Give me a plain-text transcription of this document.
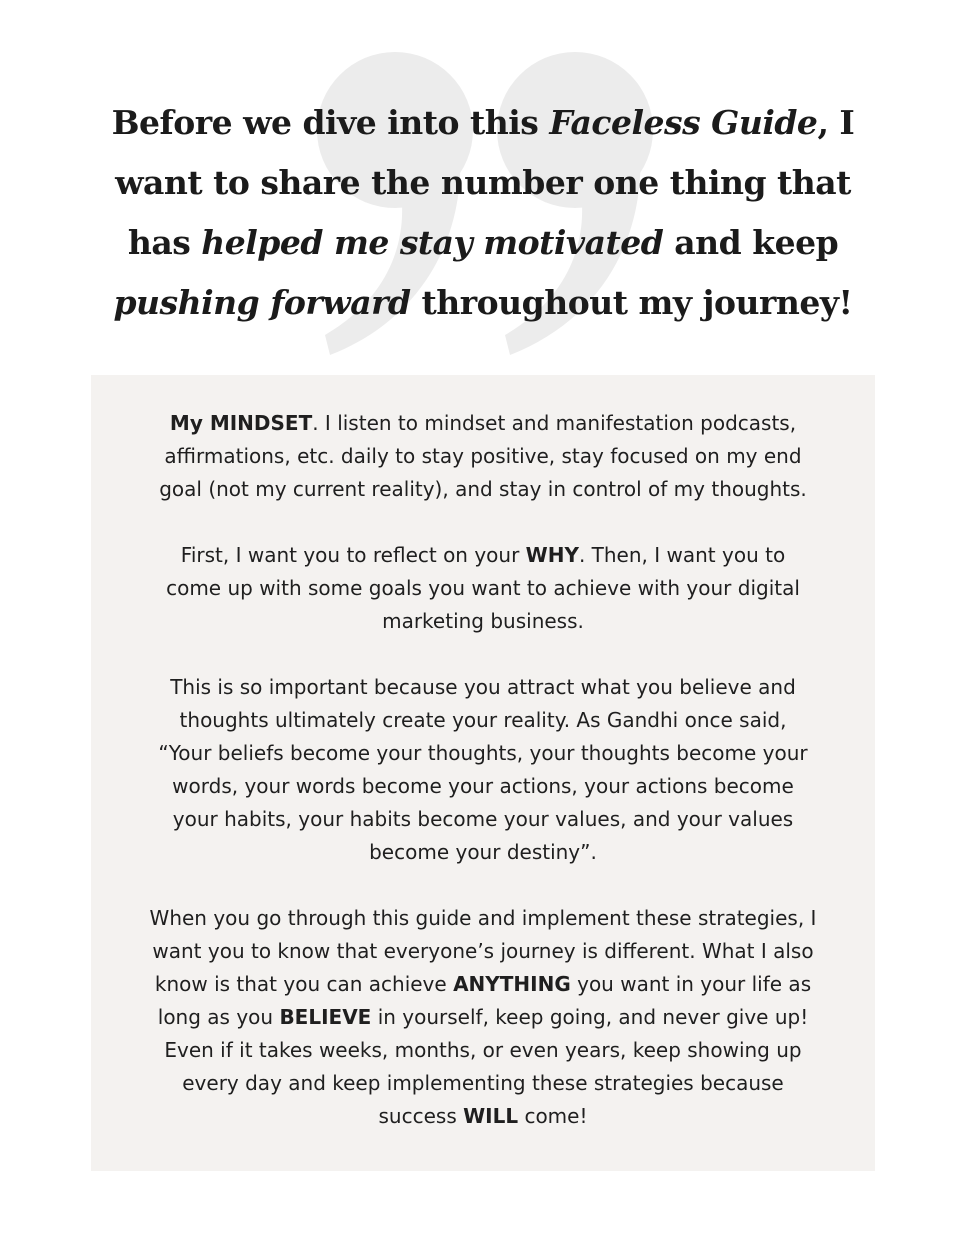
Before we dive into this Faceless Guide, I
want to share the number one thing that
has helped me stay motivated and keep
pushing forward throughout my journey!

My MINDSET. I listen to mindset and manifestation podcasts,
affirmations, etc. daily to stay positive, stay focused on my end
goal (not my current reality), and stay in control of my thoughts.

First, I want you to reflect on your WHY. Then, I want you to
come up with some goals you want to achieve with your digital
marketing business.

This is so important because you attract what you believe and
thoughts ultimately create your reality. As Gandhi once said,
“Your beliefs become your thoughts, your thoughts become your
words, your words become your actions, your actions become
your habits, your habits become your values, and your values
become your destiny”.

When you go through this guide and implement these strategies, I
want you to know that everyone’s journey is different. What I also
know is that you can achieve ANYTHING you want in your life as
long as you BELIEVE in yourself, keep going, and never give up!
Even if it takes weeks, months, or even years, keep showing up
every day and keep implementing these strategies because
success WILL come!
